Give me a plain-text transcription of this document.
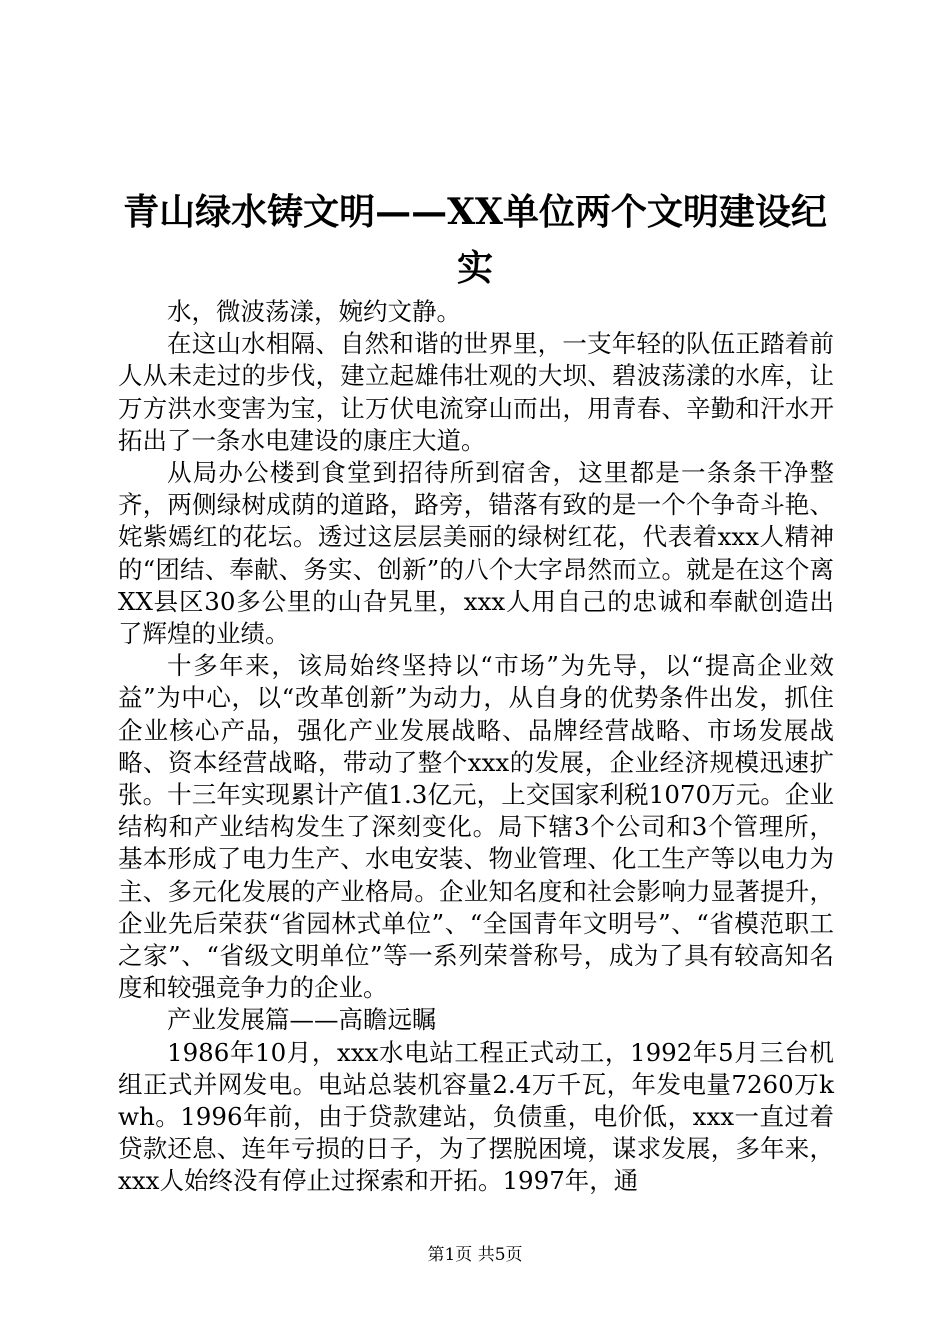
青山绿水铸文明——XX单位两个文明建设纪
实

水，微波荡漾，婉约文静。

在这山水相隔、自然和谐的世界里，一支年轻的队伍正踏着前人从未走过的步伐，建立起雄伟壮观的大坝、碧波荡漾的水库，让万方洪水变害为宝，让万伏电流穿山而出，用青春、辛勤和汗水开拓出了一条水电建设的康庄大道。

从局办公楼到食堂到招待所到宿舍，这里都是一条条干净整齐，两侧绿树成荫的道路，路旁，错落有致的是一个个争奇斗艳、姹紫嫣红的花坛。透过这层层美丽的绿树红花，代表着xxx人精神的“团结、奉献、务实、创新”的八个大字昂然而立。就是在这个离XX县区30多公里的山旮旯里，xxx人用自己的忠诚和奉献创造出了辉煌的业绩。

十多年来，该局始终坚持以“市场”为先导，以“提高企业效益”为中心，以“改革创新”为动力，从自身的优势条件出发，抓住企业核心产品，强化产业发展战略、品牌经营战略、市场发展战略、资本经营战略，带动了整个xxx的发展，企业经济规模迅速扩张。十三年实现累计产值1.3亿元，上交国家利税1070万元。企业结构和产业结构发生了深刻变化。局下辖3个公司和3个管理所，基本形成了电力生产、水电安装、物业管理、化工生产等以电力为主、多元化发展的产业格局。企业知名度和社会影响力显著提升，企业先后荣获“省园林式单位”、“全国青年文明号”、“省模范职工之家”、“省级文明单位”等一系列荣誉称号，成为了具有较高知名度和较强竞争力的企业。

产业发展篇——高瞻远瞩

1986年10月，xxx水电站工程正式动工，1992年5月三台机组正式并网发电。电站总装机容量2.4万千瓦，年发电量7260万kwh。1996年前，由于贷款建站，负债重，电价低，xxx一直过着贷款还息、连年亏损的日子，为了摆脱困境，谋求发展，多年来，xxx人始终没有停止过探索和开拓。1997年，通

第1页 共5页
